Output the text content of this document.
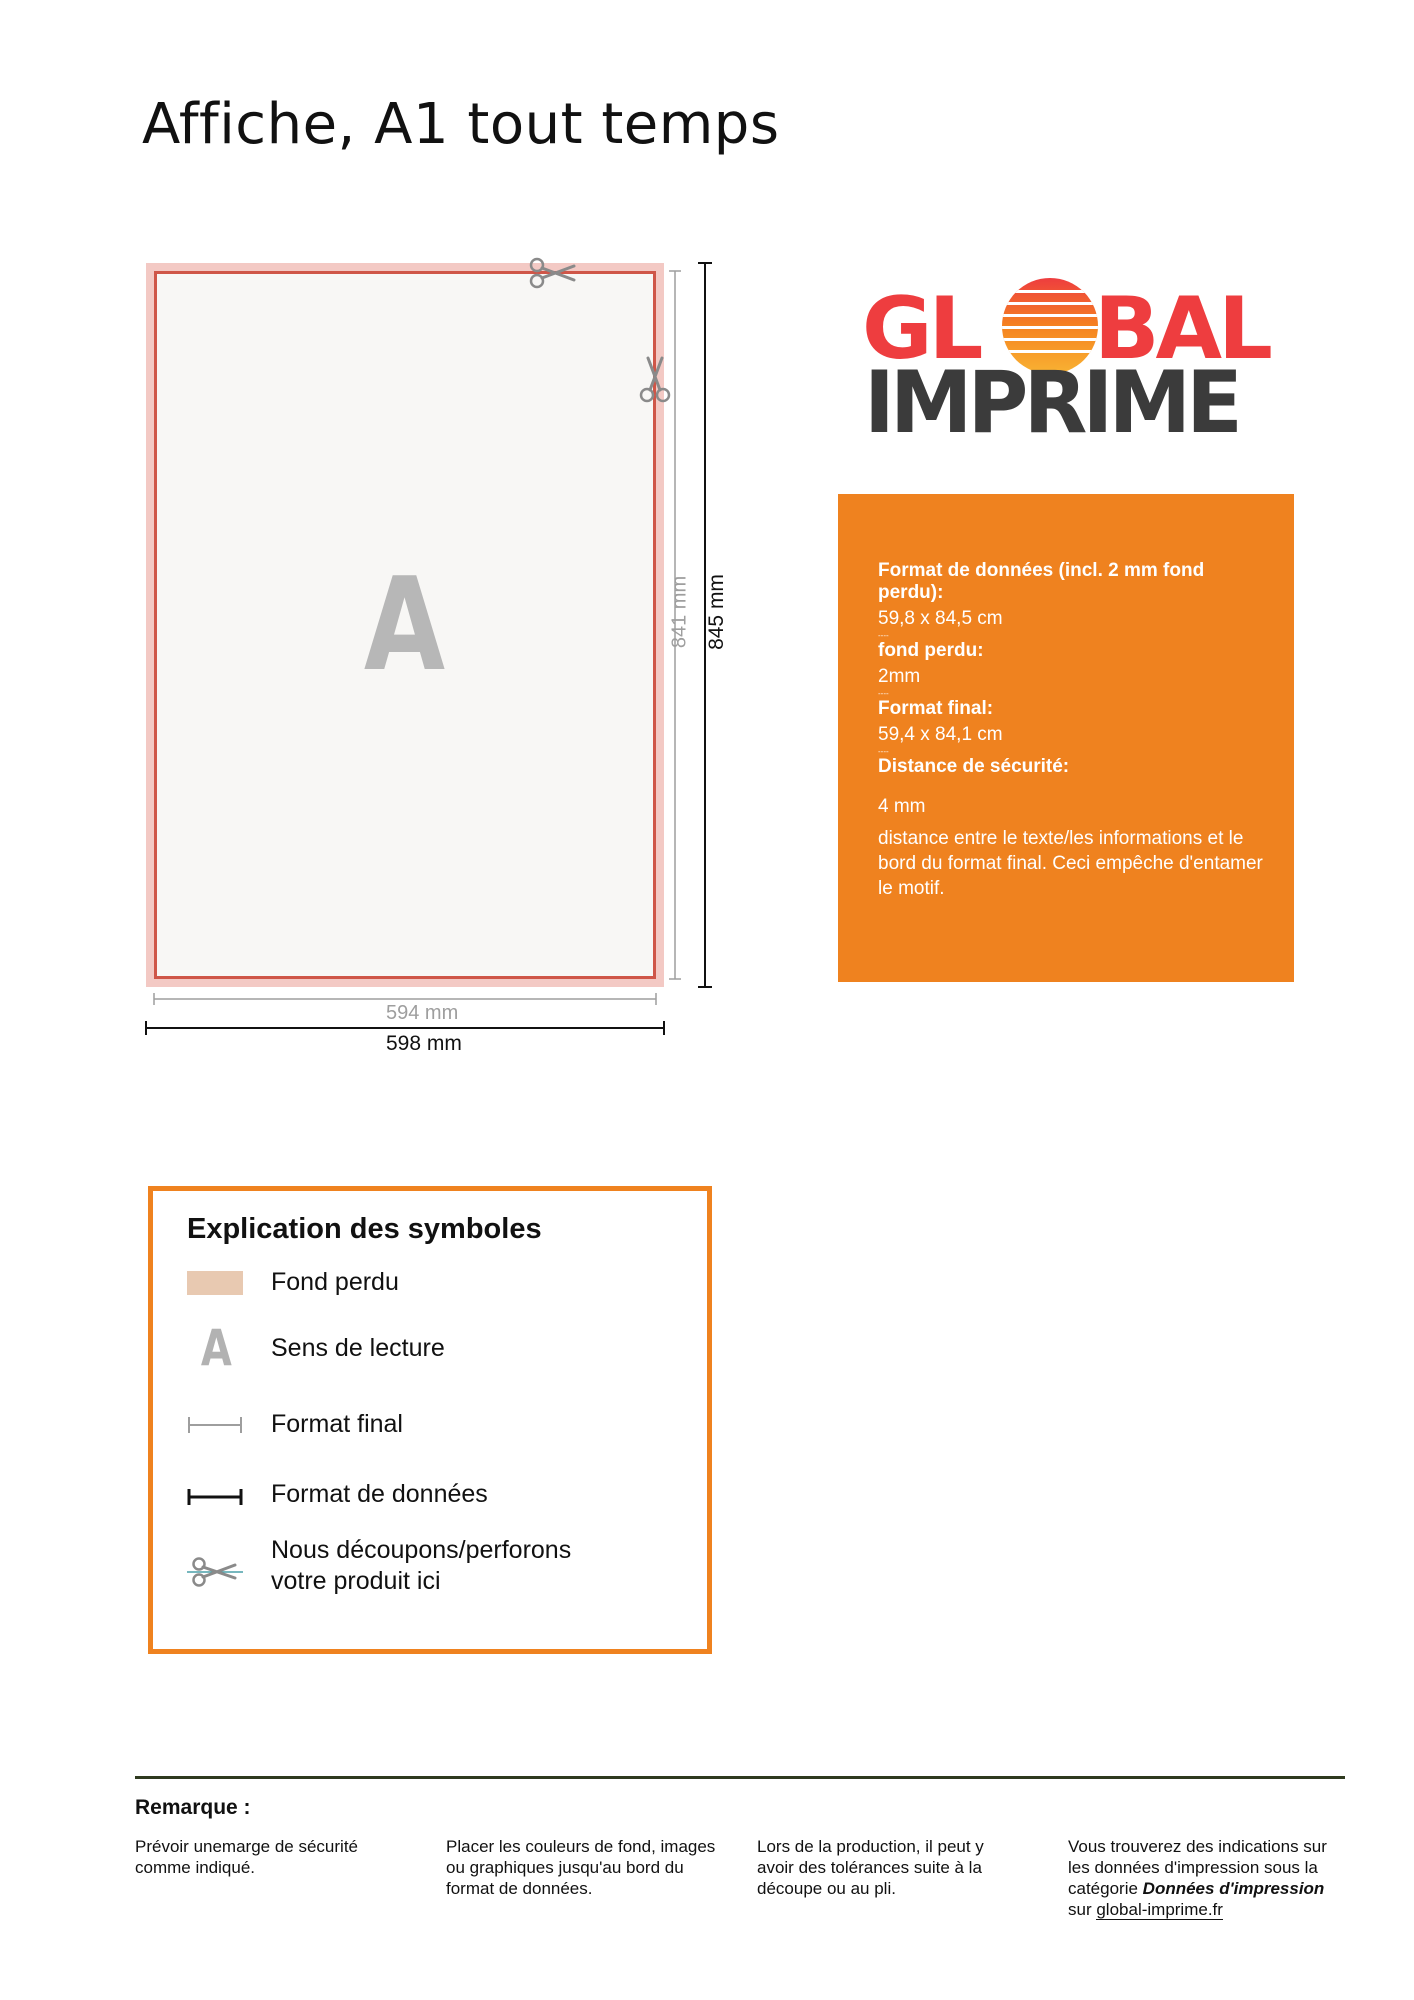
Affiche, A1 tout temps
A
594 mm
598 mm
841 mm 845 mm
GL BAL
IMPRIME
Format de données (incl. 2 mm fond perdu):
59,8 x 84,5 cm
----
fond perdu:
2mm
----
Format final:
59,4 x 84,1 cm
----
Distance de sécurité:
4 mm
distance entre le texte/les informations et le bord du format final. Ceci empêche d'entamer le motif.
Explication des symboles
Fond perdu
A Sens de lecture
Format final
Format de données
Nous découpons/perforons
votre produit ici
Remarque :
Prévoir unemarge de sécurité comme indiqué.
Placer les couleurs de fond, images ou graphiques jusqu'au bord du format de données.
Lors de la production, il peut y avoir des tolérances suite à la découpe ou au pli.
Vous trouverez des indications sur les données d'impression sous la catégorie Données d'impression sur global-imprime.fr
